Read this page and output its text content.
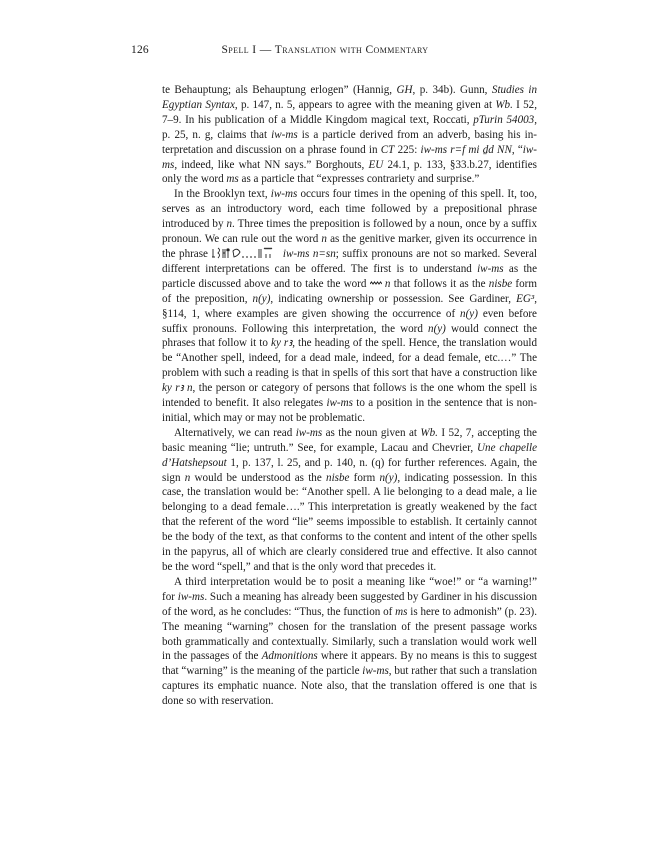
126	Spell I — Translation with Commentary

te Behauptung; als Behauptung erlogen” (Hannig, GH, p. 34b). Gunn, Studies in Egyptian Syntax, p. 147, n. 5, appears to agree with the meaning given at Wb. I 52, 7–9. In his publication of a Middle Kingdom magical text, Roccati, pTurin 54003, p. 25, n. g, claims that iw-ms is a particle derived from an adverb, basing his interpretation and discussion on a phrase found in CT 225: iw-ms r=f mi ḏd NN, “iw-ms, indeed, like what NN says.” Borghouts, EU 24.1, p. 133, §33.b.27, identifies only the word ms as a particle that “expresses contrariety and surprise.”

In the Brooklyn text, iw-ms occurs four times in the opening of this spell. It, too, serves as an introductory word, each time followed by a prepositional phrase introduced by n. Three times the preposition is followed by a noun, once by a suffix pronoun. We can rule out the word n as the genitive marker, given its occurrence in the phrase	iw-ms n=sn; suffix pronouns are not so marked. Several different interpretations can be offered. The first is to understand iw-ms as the particle discussed above and to take the word  n that follows it as the nisbe form of the preposition, n(y), indicating ownership or possession. See Gardiner, EG³, §114, 1, where examples are given showing the occurrence of n(y) even before suffix pronouns. Following this interpretation, the word n(y) would connect the phrases that follow it to ky rꜣ, the heading of the spell. Hence, the translation would be “Another spell, indeed, for a dead male, indeed, for a dead female, etc.…” The problem with such a reading is that in spells of this sort that have a construction like ky rꜣ n, the person or category of persons that follows is the one whom the spell is intended to benefit. It also relegates iw-ms to a position in the sentence that is non-initial, which may or may not be problematic.

Alternatively, we can read iw-ms as the noun given at Wb. I 52, 7, accepting the basic meaning “lie; untruth.” See, for example, Lacau and Chevrier, Une chapelle d’Hatshepsout 1, p. 137, l. 25, and p. 140, n. (q) for further references. Again, the sign n would be understood as the nisbe form n(y), indicating possession. In this case, the translation would be: “Another spell. A lie belonging to a dead male, a lie belonging to a dead female….” This interpretation is greatly weakened by the fact that the referent of the word “lie” seems impossible to establish. It certainly cannot be the body of the text, as that conforms to the content and intent of the other spells in the papyrus, all of which are clearly considered true and effective. It also cannot be the word “spell,” and that is the only word that precedes it.

A third interpretation would be to posit a meaning like “woe!” or “a warning!” for iw-ms. Such a meaning has already been suggested by Gardiner in his discussion of the word, as he concludes: “Thus, the function of ms is here to admonish” (p. 23). The meaning “warning” chosen for the translation of the present passage works both grammatically and contextually. Similarly, such a translation would work well in the passages of the Admonitions where it appears. By no means is this to suggest that “warning” is the meaning of the particle iw-ms, but rather that such a translation captures its emphatic nuance. Note also, that the translation offered is one that is done so with reservation.
